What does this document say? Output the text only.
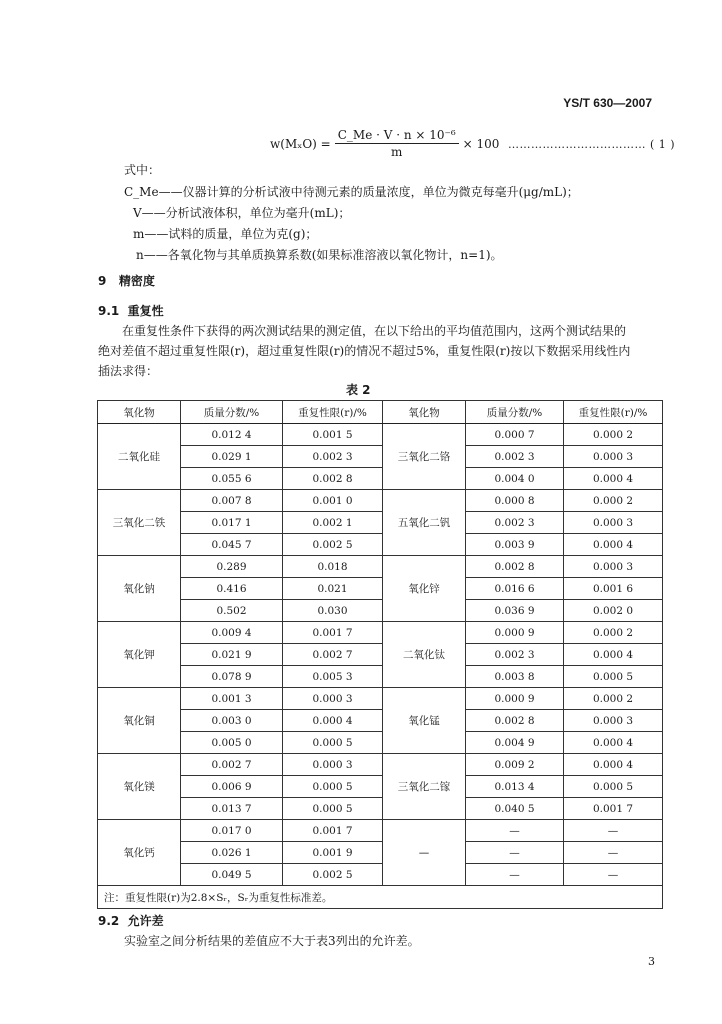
YS/T 630—2007
$w(M_xO) = \frac{\text{C\_Me · V · n × 10⁻⁶}}{m} \times 100$ ……………………………… ( 1 )
式中：
C_Me——仪器计算的分析试液中待测元素的质量浓度，单位为微克每毫升(μg/mL)；
V——分析试液体积，单位为毫升(mL)；
m——试料的质量，单位为克(g)；
n——各氧化物与其单质换算系数(如果标准溶液以氧化物计，n=1)。
9 精密度
9.1 重复性
在重复性条件下获得的两次测试结果的测定值，在以下给出的平均值范围内，这两个测试结果的
绝对差值不超过重复性限(r)，超过重复性限(r)的情况不超过5%，重复性限(r)按以下数据采用线性内
插法求得：
表 2
氧化物	质量分数/%	重复性限(r)/%	氧化物	质量分数/%	重复性限(r)/%
二氧化硅	0.012 4	0.001 5	三氧化二铬	0.000 7	0.000 2
	0.029 1	0.002 3		0.002 3	0.000 3
	0.055 6	0.002 8		0.004 0	0.000 4
三氧化二铁	0.007 8	0.001 0	五氧化二钒	0.000 8	0.000 2
	0.017 1	0.002 1		0.002 3	0.000 3
	0.045 7	0.002 5		0.003 9	0.000 4
氧化钠	0.289	0.018	氧化锌	0.002 8	0.000 3
	0.416	0.021		0.016 6	0.001 6
	0.502	0.030		0.036 9	0.002 0
氧化钾	0.009 4	0.001 7	二氧化钛	0.000 9	0.000 2
	0.021 9	0.002 7		0.002 3	0.000 4
	0.078 9	0.005 3		0.003 8	0.000 5
氧化铜	0.001 3	0.000 3	氧化锰	0.000 9	0.000 2
	0.003 0	0.000 4		0.002 8	0.000 3
	0.005 0	0.000 5		0.004 9	0.000 4
氧化镁	0.002 7	0.000 3	三氧化二镓	0.009 2	0.000 4
	0.006 9	0.000 5		0.013 4	0.000 5
	0.013 7	0.000 5		0.040 5	0.001 7
氧化钙	0.017 0	0.001 7	—	—	—
	0.026 1	0.001 9		—	—
	0.049 5	0.002 5		—	—
注：重复性限(r)为2.8×Sᵣ，Sᵣ为重复性标准差。					
9.2 允许差
实验室之间分析结果的差值应不大于表3列出的允许差。
3
